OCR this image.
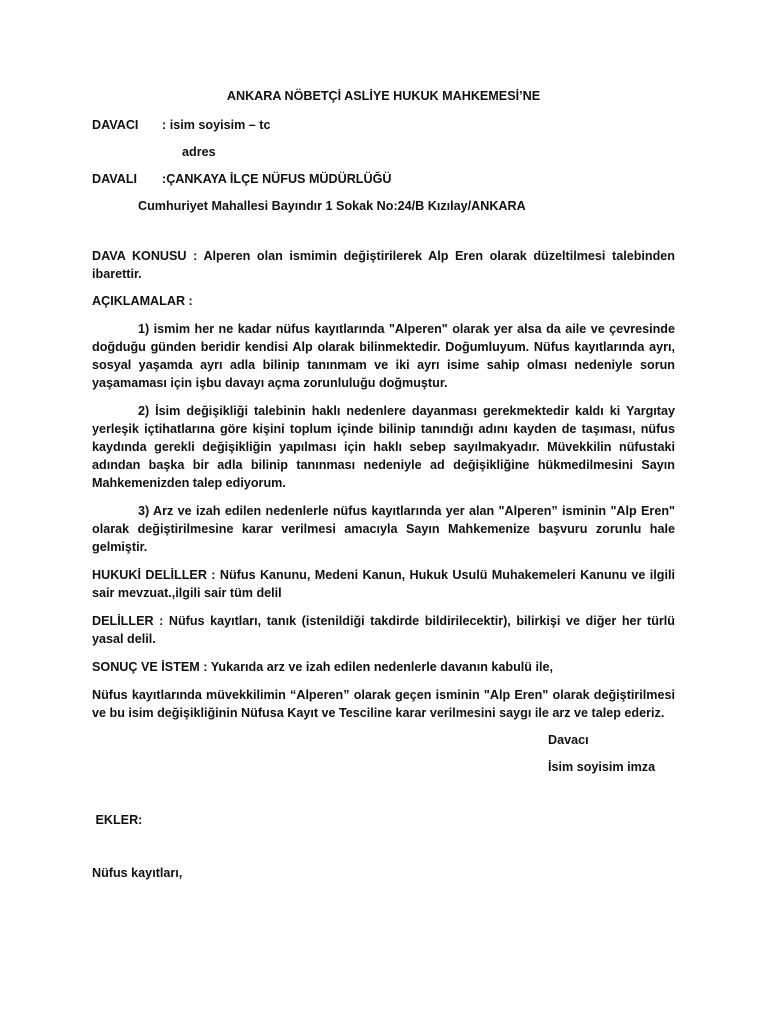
ANKARA NÖBETÇİ ASLİYE HUKUK MAHKEMESİ’NE

DAVACI	: isim soyisim – tc

adres

DAVALI	:ÇANKAYA İLÇE NÜFUS MÜDÜRLÜĞÜ

Cumhuriyet Mahallesi Bayındır 1 Sokak No:24/B Kızılay/ANKARA

DAVA KONUSU : Alperen olan ismimin değiştirilerek Alp Eren olarak düzeltilmesi talebinden ibarettir.

AÇIKLAMALAR :

1) ismim her ne kadar nüfus kayıtlarında "Alperen" olarak yer alsa da aile ve çevresinde doğduğu günden beridir kendisi Alp olarak bilinmektedir. Doğumluyum. Nüfus kayıtlarında ayrı, sosyal yaşamda ayrı adla bilinip tanınmam ve iki ayrı isime sahip olması nedeniyle sorun yaşamaması için işbu davayı açma zorunluluğu doğmuştur.

2) İsim değişikliği talebinin haklı nedenlere dayanması gerekmektedir kaldı ki Yargıtay yerleşik içtihatlarına göre kişini toplum içinde bilinip tanındığı adını kayden de taşıması, nüfus kaydında gerekli değişikliğin yapılması için haklı sebep sayılmakyadır. Müvekkilin nüfustaki adından başka bir adla bilinip tanınması nedeniyle ad değişikliğine hükmedilmesini Sayın Mahkemenizden talep ediyorum.

3) Arz ve izah edilen nedenlerle nüfus kayıtlarında yer alan "Alperen” isminin "Alp Eren" olarak değiştirilmesine karar verilmesi amacıyla Sayın Mahkemenize başvuru zorunlu hale gelmiştir.

HUKUKİ DELİLLER : Nüfus Kanunu, Medeni Kanun, Hukuk Usulü Muhakemeleri Kanunu ve ilgili sair mevzuat.,ilgili sair tüm delil

DELİLLER : Nüfus kayıtları, tanık (istenildiği takdirde bildirilecektir), bilirkişi ve diğer her türlü yasal delil.

SONUÇ VE İSTEM : Yukarıda arz ve izah edilen nedenlerle davanın kabulü ile,

Nüfus kayıtlarında müvekkilimin “Alperen” olarak geçen isminin "Alp Eren" olarak değiştirilmesi ve bu isim değişikliğinin Nüfusa Kayıt ve Tesciline karar verilmesini saygı ile arz ve talep ederiz.

Davacı

İsim soyisim imza

EKLER:

Nüfus kayıtları,
